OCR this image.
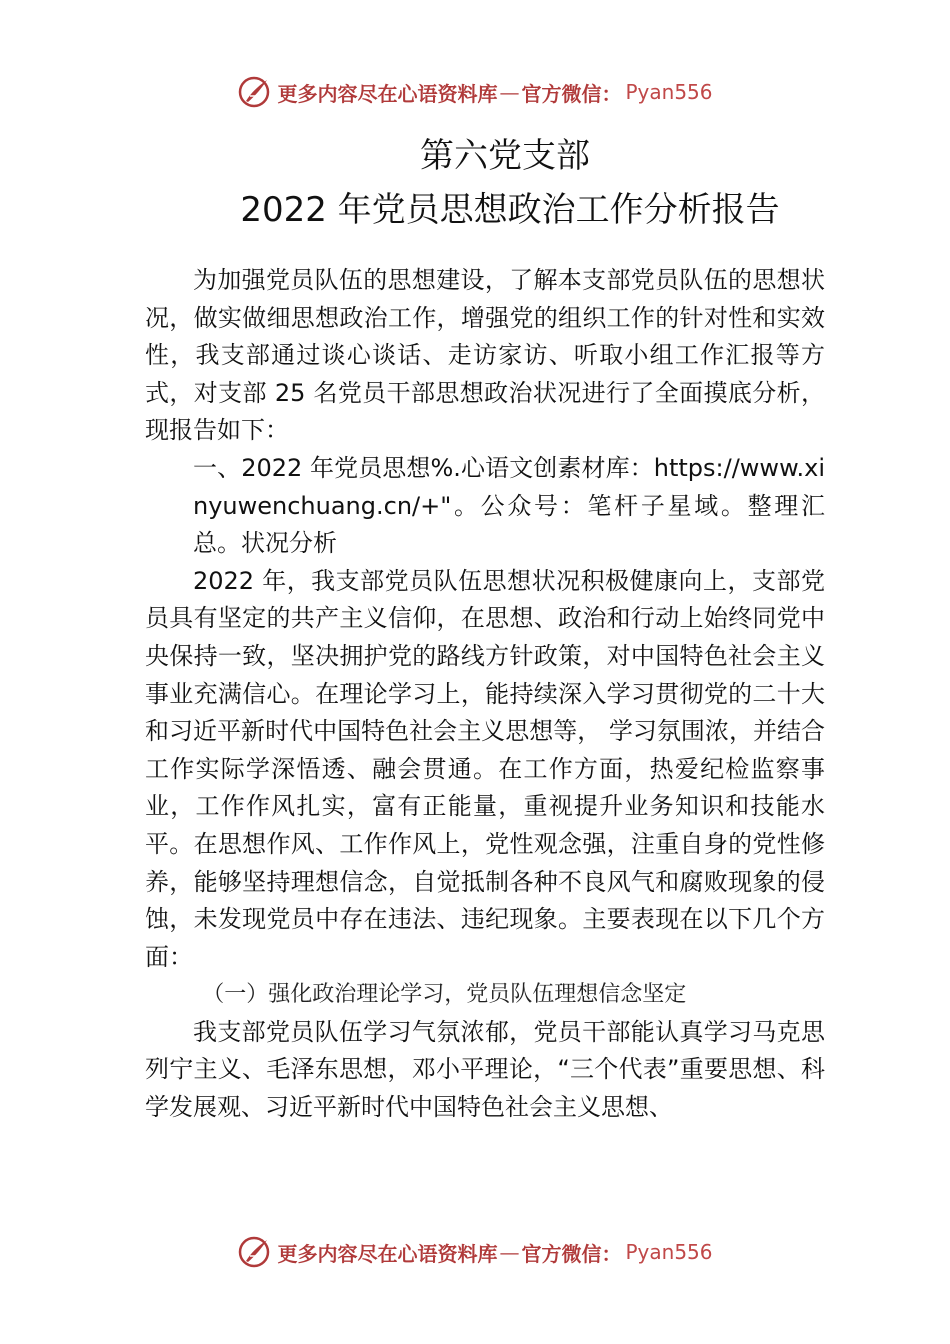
更多内容尽在心语资料库 — 官方微信： Pyan556
第六党支部
2022 年党员思想政治工作分析报告

为加强党员队伍的思想建设，了解本支部党员队伍的思想状况，做实做细思想政治工作，增强党的组织工作的针对性和实效性，我支部通过谈心谈话、走访家访、听取小组工作汇报等方式，对支部 25 名党员干部思想政治状况进行了全面摸底分析，现报告如下：

一、2022 年党员思想%.心语文创素材库：https://www.xinyuwenchuang.cn/+"。公众号：笔杆子星域。整理汇总。状况分析

2022 年，我支部党员队伍思想状况积极健康向上，支部党员具有坚定的共产主义信仰，在思想、政治和行动上始终同党中央保持一致，坚决拥护党的路线方针政策，对中国特色社会主义事业充满信心。在理论学习上，能持续深入学习贯彻党的二十大和习近平新时代中国特色社会主义思想等， 学习氛围浓，并结合工作实际学深悟透、融会贯通。在工作方面，热爱纪检监察事业，工作作风扎实，富有正能量，重视提升业务知识和技能水平。在思想作风、工作作风上，党性观念强，注重自身的党性修养，能够坚持理想信念，自觉抵制各种不良风气和腐败现象的侵蚀，未发现党员中存在违法、违纪现象。主要表现在以下几个方面：

（一）强化政治理论学习，党员队伍理想信念坚定

我支部党员队伍学习气氛浓郁，党员干部能认真学习马克思列宁主义、毛泽东思想，邓小平理论，“三个代表”重要思想、科学发展观、习近平新时代中国特色社会主义思想、

更多内容尽在心语资料库 — 官方微信： Pyan556
